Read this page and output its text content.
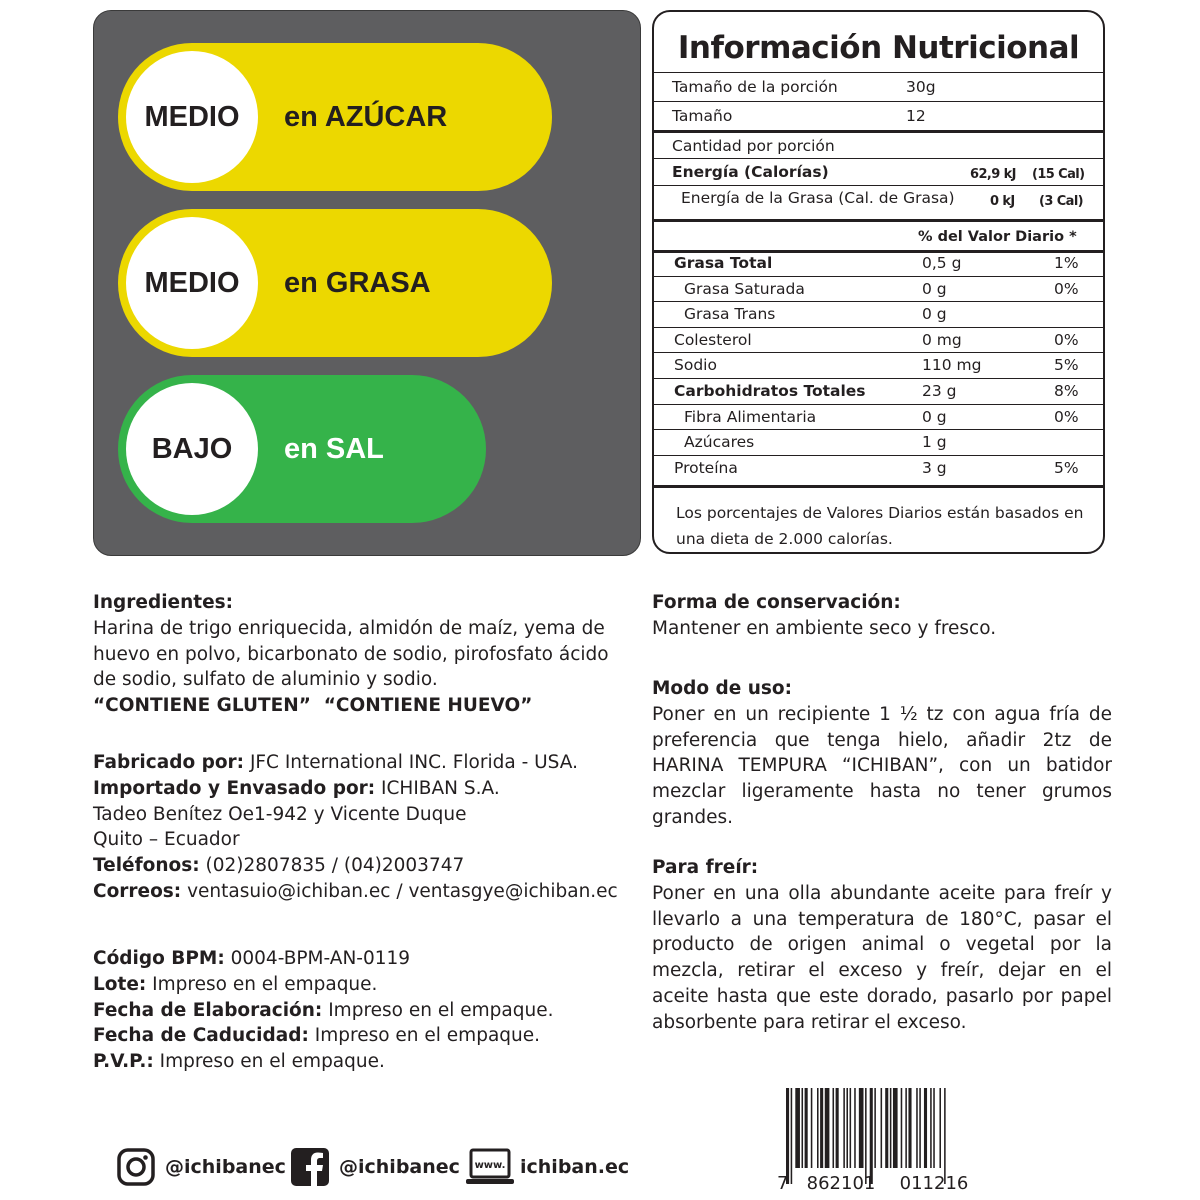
MEDIO	en AZÚCAR
MEDIO	en GRASA
BAJO	en SAL
Información Nutricional
Tamaño de la porción	30g
Tamaño	12
Cantidad por porción
Energía (Calorías)	62,9 kJ (15 Cal)
Energía de la Grasa (Cal. de Grasa)	0 kJ (3 Cal)
% del Valor Diario *
Grasa Total	0,5 g	1%
Grasa Saturada	0 g	0%
Grasa Trans	0 g
Colesterol	0 mg	0%
Sodio	110 mg	5%
Carbohidratos Totales	23 g	8%
Fibra Alimentaria	0 g	0%
Azúcares	1 g
Proteína	3 g	5%
Los porcentajes de Valores Diarios están basados en una dieta de 2.000 calorías.
Ingredientes:
Harina de trigo enriquecida, almidón de maíz, yema de huevo en polvo, bicarbonato de sodio, pirofosfato ácido de sodio, sulfato de aluminio y sodio.
“CONTIENE GLUTEN”  “CONTIENE HUEVO”
Fabricado por: JFC International INC. Florida - USA.
Importado y Envasado por: ICHIBAN S.A.
Tadeo Benítez Oe1-942 y Vicente Duque
Quito – Ecuador
Teléfonos: (02)2807835 / (04)2003747
Correos: ventasuio@ichiban.ec / ventasgye@ichiban.ec
Código BPM: 0004-BPM-AN-0119
Lote: Impreso en el empaque.
Fecha de Elaboración: Impreso en el empaque.
Fecha de Caducidad: Impreso en el empaque.
P.V.P.: Impreso en el empaque.
Forma de conservación:
Mantener en ambiente seco y fresco.
Modo de uso:
Poner en un recipiente 1 ½ tz con agua fría de preferencia que tenga hielo, añadir 2tz de HARINA TEMPURA “ICHIBAN”, con un batidor mezclar ligeramente hasta no tener grumos grandes.
Para freír:
Poner en una olla abundante aceite para freír y llevarlo a una temperatura de 180°C, pasar el producto de origen animal o vegetal por la mezcla, retirar el exceso y freír, dejar en el aceite hasta que este dorado, pasarlo por papel absorbente para retirar el exceso.
@ichibanec	@ichibanec www. ichiban.ec
7 862101 011216
